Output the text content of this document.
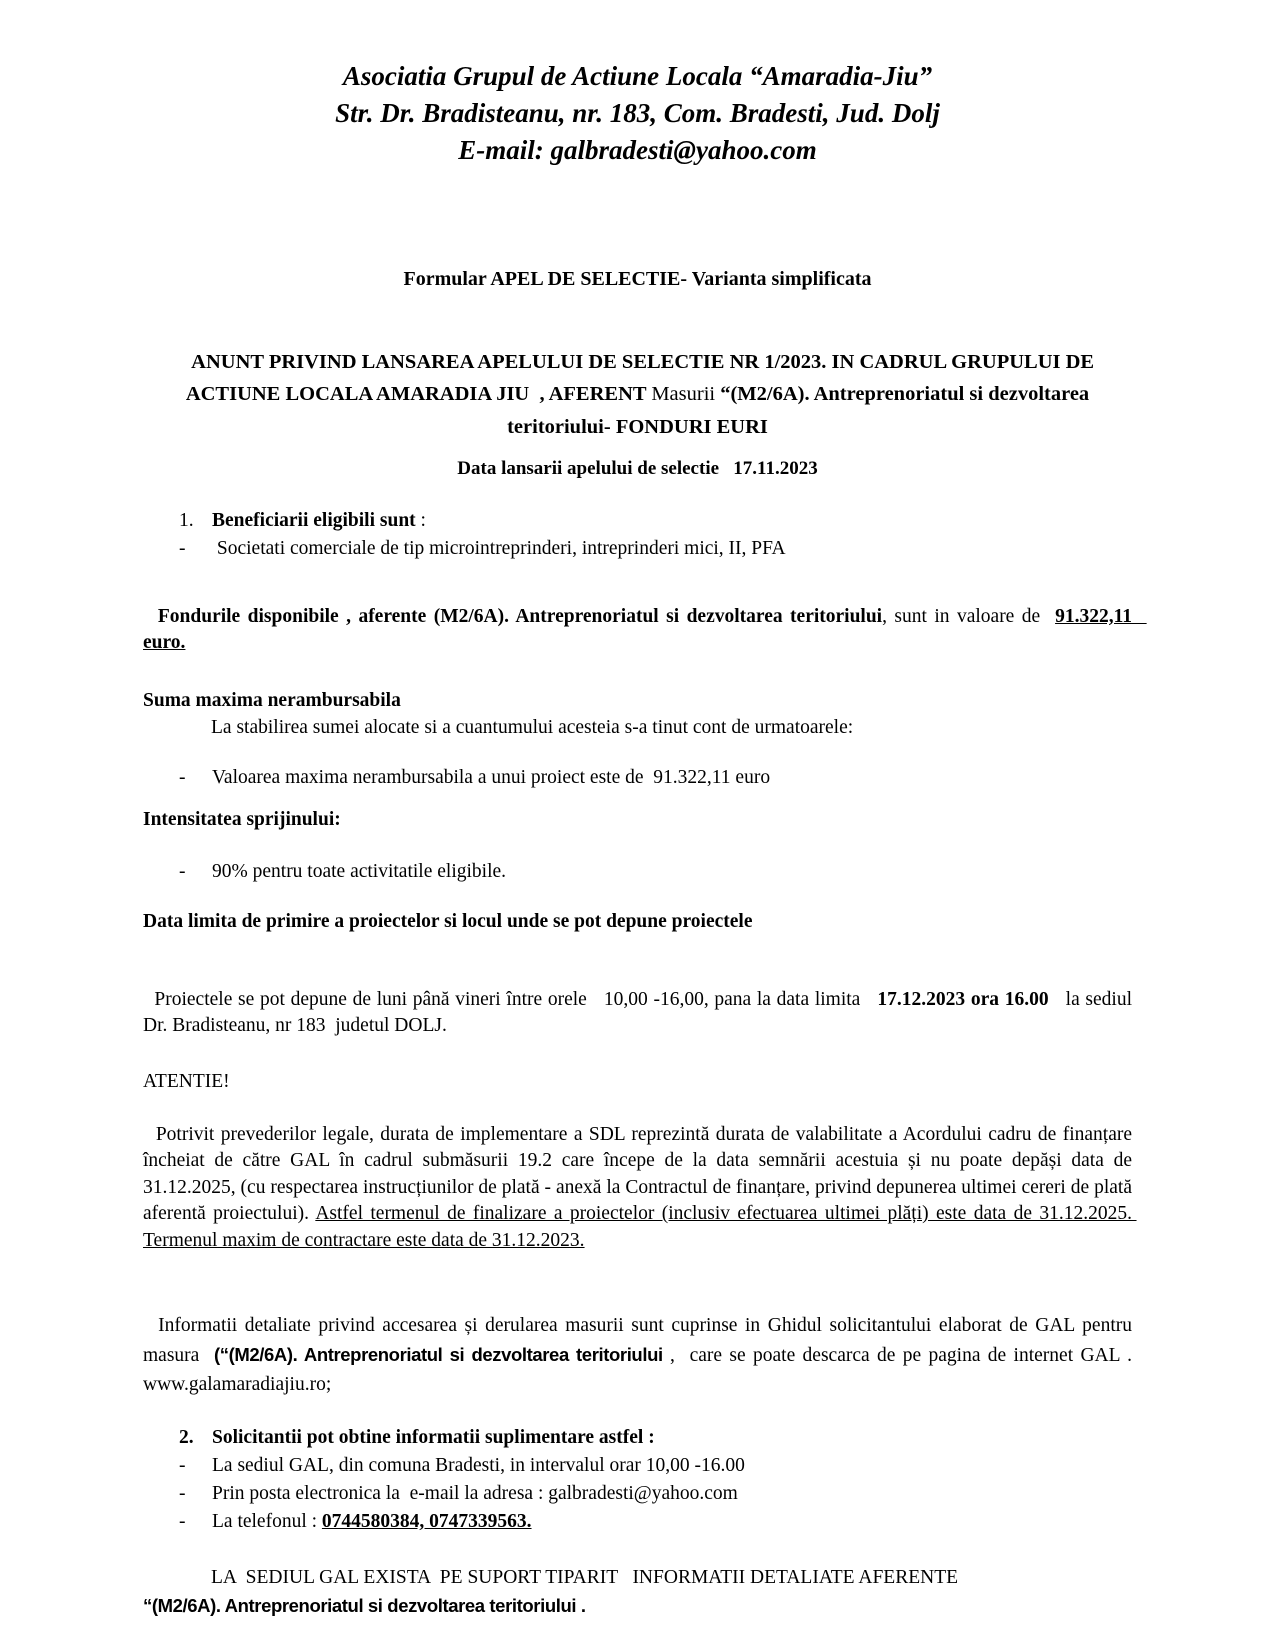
Asociatia Grupul de Actiune Locala “Amaradia-Jiu”
Str. Dr. Bradisteanu, nr. 183, Com. Bradesti, Jud. Dolj
E-mail: galbradesti@yahoo.com
Formular APEL DE SELECTIE- Varianta simplificata

ANUNT PRIVIND LANSAREA APELULUI DE SELECTIE NR 1/2023. IN CADRUL GRUPULUI DE ACTIUNE LOCALA AMARADIA JIU  , AFERENT Masurii “(M2/6A). Antreprenoriatul si dezvoltarea teritoriului- FONDURI EURI

Data lansarii apelului de selectie   17.11.2023
1. Beneficiarii eligibili sunt :
-	Societati comerciale de tip microintreprinderi, intreprinderi mici, II, PFA

Fondurile disponibile , aferente (M2/6A). Antreprenoriatul si dezvoltarea teritoriului, sunt in valoare de  91.322,11   euro.

Suma maxima nerambursabila
La stabilirea sumei alocate si a cuantumului acesteia s-a tinut cont de urmatoarele:
-	Valoarea maxima nerambursabila a unui proiect este de  91.322,11 euro
Intensitatea sprijinului:
-	90% pentru toate activitatile eligibile.
Data limita de primire a proiectelor si locul unde se pot depune proiectele

Proiectele se pot depune de luni până vineri între orele   10,00 -16,00, pana la data limita   17.12.2023 ora 16.00   la sediul  Dr. Bradisteanu, nr 183  judetul DOLJ.

ATENTIE!

Potrivit prevederilor legale, durata de implementare a SDL reprezintă durata de valabilitate a Acordului cadru de finanțare încheiat de către GAL în cadrul submăsurii 19.2 care începe de la data semnării acestuia și nu poate depăși data de 31.12.2025, (cu respectarea instrucțiunilor de plată - anexă la Contractul de finanțare, privind depunerea ultimei cereri de plată aferentă proiectului). Astfel termenul de finalizare a proiectelor (inclusiv efectuarea ultimei plăți) este data de 31.12.2025. Termenul maxim de contractare este data de 31.12.2023.

Informatii detaliate privind accesarea și derularea masurii sunt cuprinse in Ghidul solicitantului elaborat de GAL pentru masura  (“(M2/6A). Antreprenoriatul si dezvoltarea teritoriului ,  care se poate descarca de pe pagina de internet GAL . www.galamaradiajiu.ro;

2. Solicitantii pot obtine informatii suplimentare astfel :
-	La sediul GAL, din comuna Bradesti, in intervalul orar 10,00 -16.00
-	Prin posta electronica la  e-mail la adresa : galbradesti@yahoo.com
-	La telefonul : 0744580384, 0747339563.
LA  SEDIUL GAL EXISTA  PE SUPORT TIPARIT   INFORMATII DETALIATE AFERENTE
“(M2/6A). Antreprenoriatul si dezvoltarea teritoriului .
